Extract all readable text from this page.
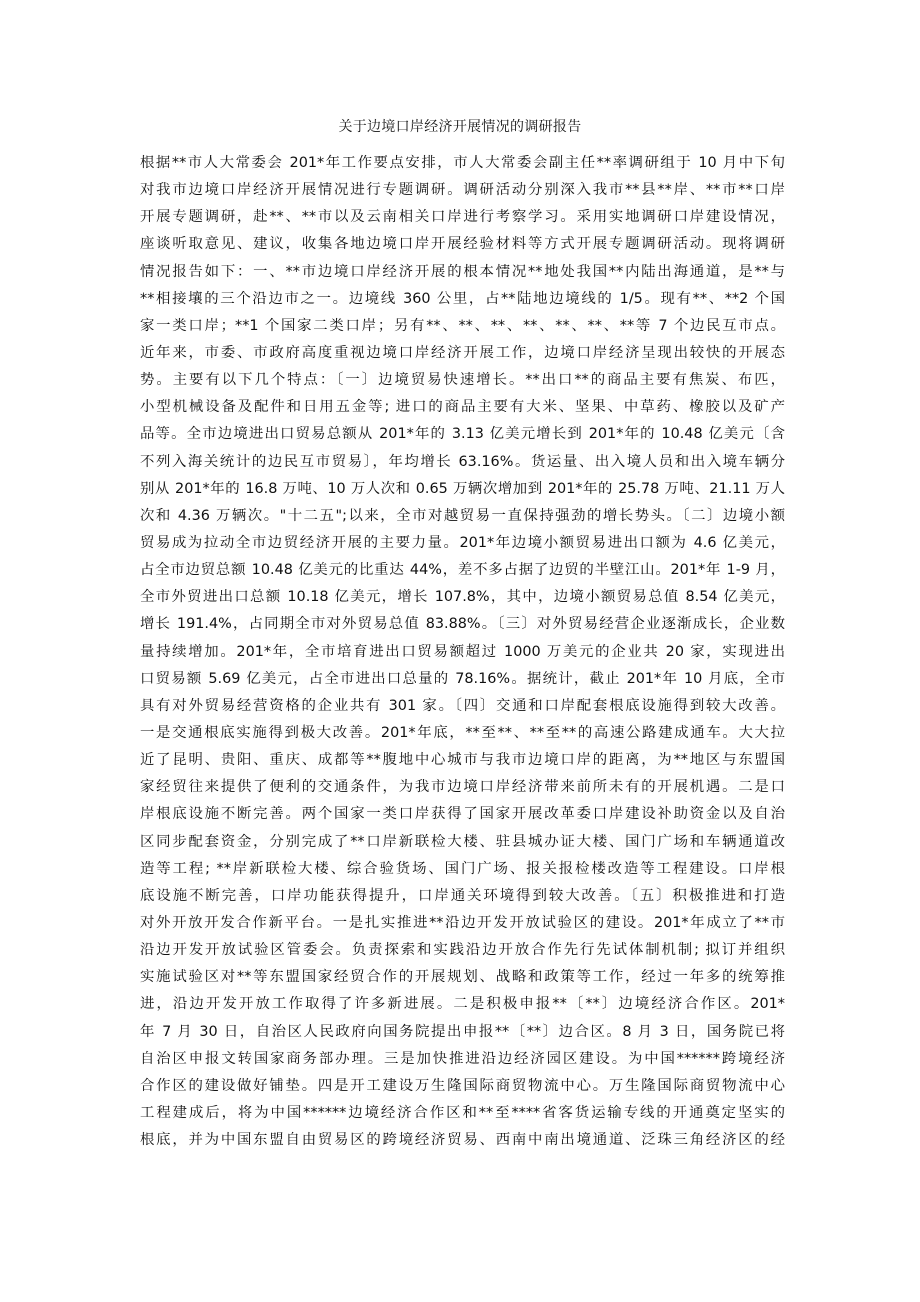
关于边境口岸经济开展情况的调研报告
根据**市人大常委会 201*年工作要点安排，市人大常委会副主任**率调研组于 10 月中下旬
对我市边境口岸经济开展情况进行专题调研。调研活动分别深入我市**县**岸、**市**口岸
开展专题调研，赴**、**市以及云南相关口岸进行考察学习。采用实地调研口岸建设情况，
座谈听取意见、建议，收集各地边境口岸开展经验材料等方式开展专题调研活动。现将调研
情况报告如下：一、**市边境口岸经济开展的根本情况**地处我国**内陆出海通道，是**与
**相接壤的三个沿边市之一。边境线 360 公里，占**陆地边境线的 1/5。现有**、**2 个国
家一类口岸；**1 个国家二类口岸；另有**、**、**、**、**、**、**等 7 个边民互市点。
近年来，市委、市政府高度重视边境口岸经济开展工作，边境口岸经济呈现出较快的开展态
势。主要有以下几个特点：〔一〕边境贸易快速增长。**出口**的商品主要有焦炭、布匹，
小型机械设备及配件和日用五金等; 进口的商品主要有大米、坚果、中草药、橡胶以及矿产
品等。全市边境进出口贸易总额从 201*年的 3.13 亿美元增长到 201*年的 10.48 亿美元〔含
不列入海关统计的边民互市贸易〕，年均增长 63.16%。货运量、出入境人员和出入境车辆分
别从 201*年的 16.8 万吨、10 万人次和 0.65 万辆次增加到 201*年的 25.78 万吨、21.11 万人
次和 4.36 万辆次。"十二五";以来，全市对越贸易一直保持强劲的增长势头。〔二〕边境小额
贸易成为拉动全市边贸经济开展的主要力量。201*年边境小额贸易进出口额为 4.6 亿美元，
占全市边贸总额 10.48 亿美元的比重达 44%，差不多占据了边贸的半壁江山。201*年 1-9 月，
全市外贸进出口总额 10.18 亿美元，增长 107.8%，其中，边境小额贸易总值 8.54 亿美元，
增长 191.4%，占同期全市对外贸易总值 83.88%。〔三〕对外贸易经营企业逐渐成长，企业数
量持续增加。201*年，全市培育进出口贸易额超过 1000 万美元的企业共 20 家，实现进出
口贸易额 5.69 亿美元，占全市进出口总量的 78.16%。据统计，截止 201*年 10 月底，全市
具有对外贸易经营资格的企业共有 301 家。〔四〕交通和口岸配套根底设施得到较大改善。
一是交通根底实施得到极大改善。201*年底，**至**、**至**的高速公路建成通车。大大拉
近了昆明、贵阳、重庆、成都等**腹地中心城市与我市边境口岸的距离，为**地区与东盟国
家经贸往来提供了便利的交通条件，为我市边境口岸经济带来前所未有的开展机遇。二是口
岸根底设施不断完善。两个国家一类口岸获得了国家开展改革委口岸建设补助资金以及自治
区同步配套资金，分别完成了**口岸新联检大楼、驻县城办证大楼、国门广场和车辆通道改
造等工程; **岸新联检大楼、综合验货场、国门广场、报关报检楼改造等工程建设。口岸根
底设施不断完善，口岸功能获得提升，口岸通关环境得到较大改善。〔五〕积极推进和打造
对外开放开发合作新平台。一是扎实推进**沿边开发开放试验区的建设。201*年成立了**市
沿边开发开放试验区管委会。负责探索和实践沿边开放合作先行先试体制机制; 拟订并组织
实施试验区对**等东盟国家经贸合作的开展规划、战略和政策等工作，经过一年多的统筹推
进，沿边开发开放工作取得了许多新进展。二是积极申报**〔**〕边境经济合作区。201*
年 7 月 30 日，自治区人民政府向国务院提出申报**〔**〕边合区。8 月 3 日，国务院已将
自治区申报文转国家商务部办理。三是加快推进沿边经济园区建设。为中国******跨境经济
合作区的建设做好铺垫。四是开工建设万生隆国际商贸物流中心。万生隆国际商贸物流中心
工程建成后，将为中国******边境经济合作区和**至****省客货运输专线的开通奠定坚实的
根底，并为中国东盟自由贸易区的跨境经济贸易、西南中南出境通道、泛珠三角经济区的经
